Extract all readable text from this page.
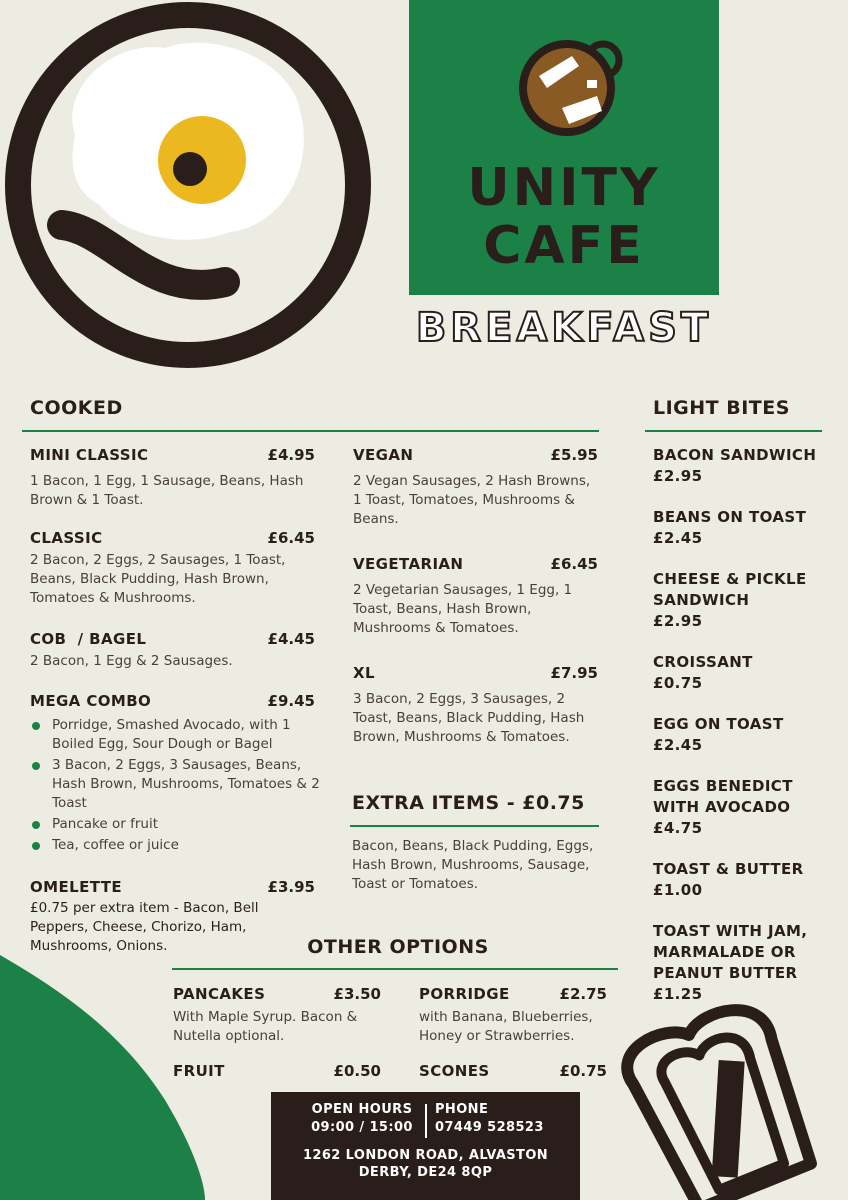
UNITY
CAFE
BREAKFAST
COOKED
MINI CLASSIC	£4.95
1 Bacon, 1 Egg, 1 Sausage, Beans, Hash Brown & 1 Toast.
CLASSIC	£6.45
2 Bacon, 2 Eggs, 2 Sausages, 1 Toast, Beans, Black Pudding, Hash Brown, Tomatoes & Mushrooms.
COB  / BAGEL	£4.45
2 Bacon, 1 Egg & 2 Sausages.
MEGA COMBO	£9.45
Porridge, Smashed Avocado, with 1 Boiled Egg, Sour Dough or Bagel
3 Bacon, 2 Eggs, 3 Sausages, Beans, Hash Brown, Mushrooms, Tomatoes & 2 Toast
Pancake or fruit
Tea, coffee or juice
OMELETTE	£3.95
£0.75 per extra item - Bacon, Bell Peppers, Cheese, Chorizo, Ham, Mushrooms, Onions.
VEGAN	£5.95
2 Vegan Sausages, 2 Hash Browns, 1 Toast, Tomatoes, Mushrooms & Beans.
VEGETARIAN	£6.45
2 Vegetarian Sausages, 1 Egg, 1 Toast, Beans, Hash Brown, Mushrooms & Tomatoes.
XL	£7.95
3 Bacon, 2 Eggs, 3 Sausages, 2 Toast, Beans, Black Pudding, Hash Brown, Mushrooms & Tomatoes.
EXTRA ITEMS - £0.75
Bacon, Beans, Black Pudding, Eggs, Hash Brown, Mushrooms, Sausage, Toast or Tomatoes.
OTHER OPTIONS
PANCAKES	£3.50
With Maple Syrup. Bacon & Nutella optional.
PORRIDGE	£2.75
with Banana, Blueberries, Honey or Strawberries.
FRUIT	£0.50	SCONES	£0.75
LIGHT BITES
BACON SANDWICH
£2.95
BEANS ON TOAST
£2.45
CHEESE & PICKLE SANDWICH
£2.95
CROISSANT
£0.75
EGG ON TOAST
£2.45
EGGS BENEDICT WITH AVOCADO
£4.75
TOAST & BUTTER
£1.00
TOAST WITH JAM, MARMALADE OR PEANUT BUTTER
£1.25
OPEN HOURS
09:00 / 15:00
PHONE
07449 528523
1262 LONDON ROAD, ALVASTON
DERBY, DE24 8QP
